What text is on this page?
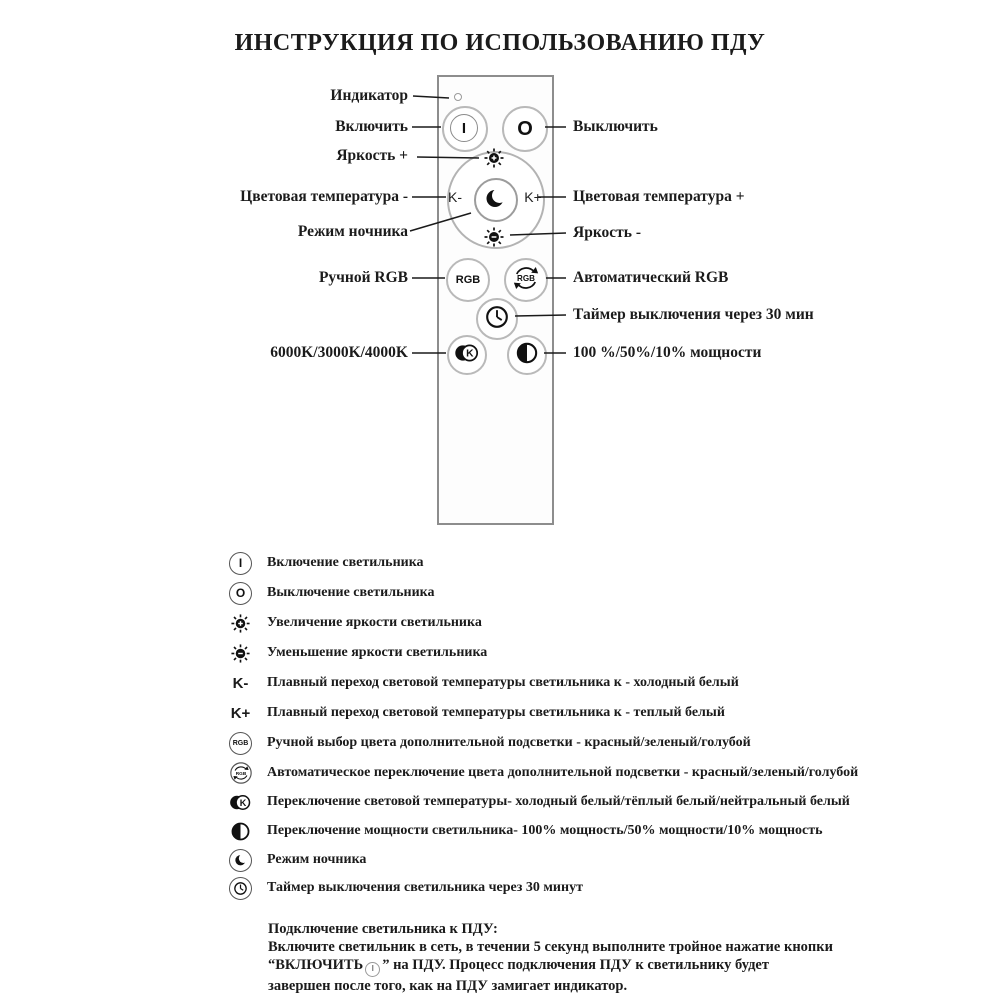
ИНСТРУКЦИЯ ПО ИСПОЛЬЗОВАНИЮ ПДУ
I	O
K-	K+
RGB	RGB
K
Индикатор
Включить
Яркость +
Цветовая температура -
Режим ночника
Ручной RGB
6000K/3000K/4000K
Выключить
Цветовая температура +
Яркость -
Автоматический RGB
Таймер выключения через 30 мин
100 %/50%/10% мощности
I Включение светильника
O Выключение светильника
Увеличение яркости светильника
Уменьшение яркости светильника
K- Плавный переход световой температуры светильника к - холодный белый
K+ Плавный переход световой температуры светильника к - теплый белый
RGB Ручной выбор цвета дополнительной подсветки - красный/зеленый/голубой
RGB Автоматическое переключение цвета дополнительной подсветки - красный/зеленый/голубой
K Переключение световой температуры- холодный белый/тёплый белый/нейтральный белый
Переключение мощности светильника- 100% мощность/50% мощности/10% мощность
Режим ночника
Таймер выключения светильника через 30 минут
Подключение светильника к ПДУ:
Включите светильник в сеть, в течении 5 секунд выполните тройное нажатие кнопки
“ВКЛЮЧИТЬ I ” на ПДУ. Процесс подключения ПДУ к светильнику будет
завершен после того, как на ПДУ замигает индикатор.
